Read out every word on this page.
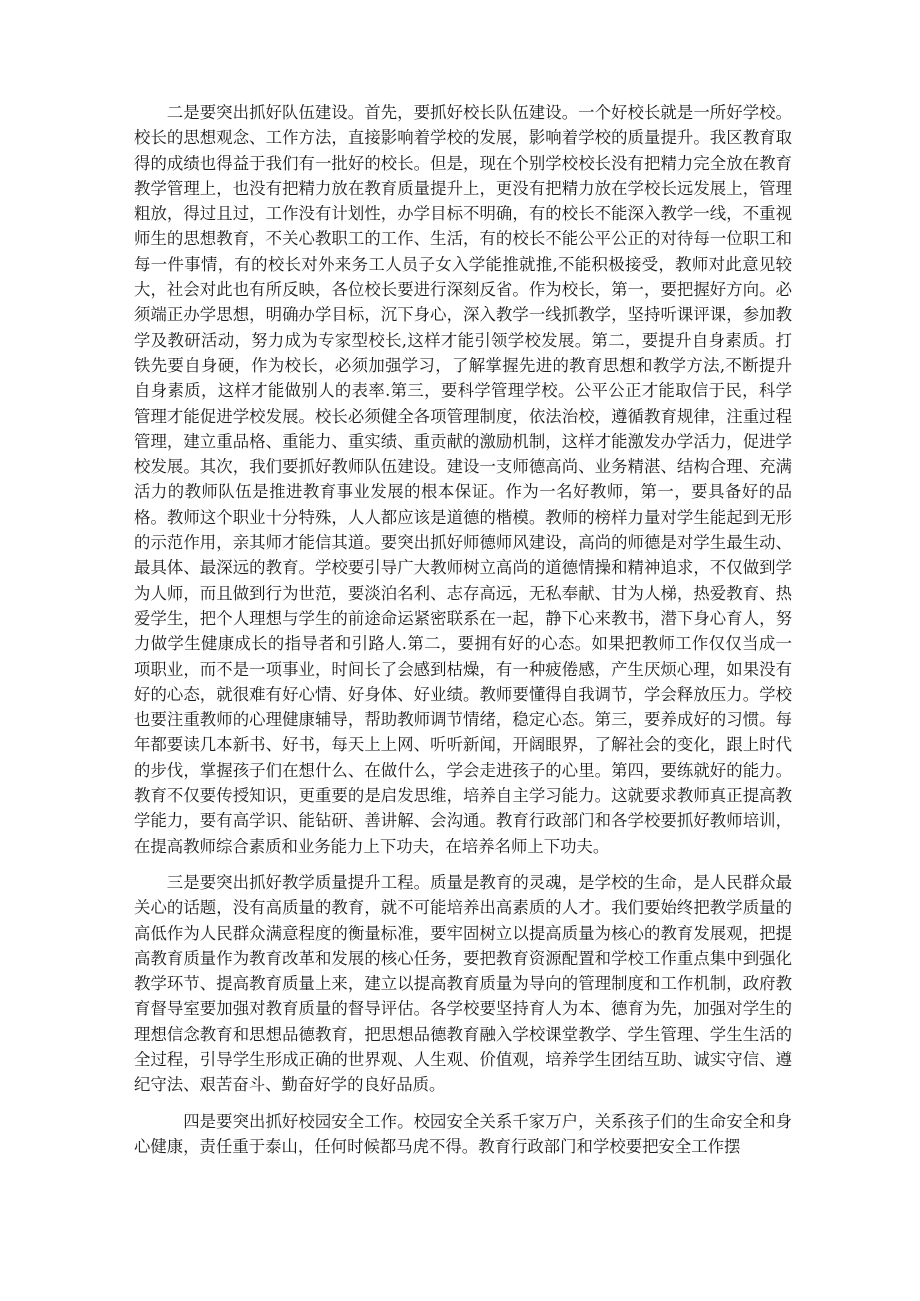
二是要突出抓好队伍建设。首先，要抓好校长队伍建设。一个好校长就是一所好学校。校长的思想观念、工作方法，直接影响着学校的发展，影响着学校的质量提升。我区教育取得的成绩也得益于我们有一批好的校长。但是，现在个别学校校长没有把精力完全放在教育教学管理上，也没有把精力放在教育质量提升上，更没有把精力放在学校长远发展上，管理粗放，得过且过，工作没有计划性，办学目标不明确，有的校长不能深入教学一线，不重视师生的思想教育，不关心教职工的工作、生活，有的校长不能公平公正的对待每一位职工和每一件事情，有的校长对外来务工人员子女入学能推就推,不能积极接受，教师对此意见较大，社会对此也有所反映，各位校长要进行深刻反省。作为校长，第一，要把握好方向。必须端正办学思想，明确办学目标，沉下身心，深入教学一线抓教学，坚持听课评课，参加教学及教研活动，努力成为专家型校长,这样才能引领学校发展。第二，要提升自身素质。打铁先要自身硬，作为校长，必须加强学习，了解掌握先进的教育思想和教学方法,不断提升自身素质，这样才能做别人的表率.第三，要科学管理学校。公平公正才能取信于民，科学管理才能促进学校发展。校长必须健全各项管理制度，依法治校，遵循教育规律，注重过程管理，建立重品格、重能力、重实绩、重贡献的激励机制，这样才能激发办学活力，促进学校发展。其次，我们要抓好教师队伍建设。建设一支师德高尚、业务精湛、结构合理、充满活力的教师队伍是推进教育事业发展的根本保证。作为一名好教师，第一，要具备好的品格。教师这个职业十分特殊，人人都应该是道德的楷模。教师的榜样力量对学生能起到无形的示范作用，亲其师才能信其道。要突出抓好师德师风建设，高尚的师德是对学生最生动、最具体、最深远的教育。学校要引导广大教师树立高尚的道德情操和精神追求，不仅做到学为人师，而且做到行为世范，要淡泊名利、志存高远，无私奉献、甘为人梯，热爱教育、热爱学生，把个人理想与学生的前途命运紧密联系在一起，静下心来教书，潜下身心育人，努力做学生健康成长的指导者和引路人.第二，要拥有好的心态。如果把教师工作仅仅当成一项职业，而不是一项事业，时间长了会感到枯燥，有一种疲倦感，产生厌烦心理，如果没有好的心态，就很难有好心情、好身体、好业绩。教师要懂得自我调节，学会释放压力。学校也要注重教师的心理健康辅导，帮助教师调节情绪，稳定心态。第三，要养成好的习惯。每年都要读几本新书、好书，每天上上网、听听新闻，开阔眼界，了解社会的变化，跟上时代的步伐，掌握孩子们在想什么、在做什么，学会走进孩子的心里。第四，要练就好的能力。教育不仅要传授知识，更重要的是启发思维，培养自主学习能力。这就要求教师真正提高教学能力，要有高学识、能钻研、善讲解、会沟通。教育行政部门和各学校要抓好教师培训，在提高教师综合素质和业务能力上下功夫，在培养名师上下功夫。

三是要突出抓好教学质量提升工程。质量是教育的灵魂，是学校的生命，是人民群众最关心的话题，没有高质量的教育，就不可能培养出高素质的人才。我们要始终把教学质量的高低作为人民群众满意程度的衡量标准，要牢固树立以提高质量为核心的教育发展观，把提高教育质量作为教育改革和发展的核心任务，要把教育资源配置和学校工作重点集中到强化教学环节、提高教育质量上来，建立以提高教育质量为导向的管理制度和工作机制，政府教育督导室要加强对教育质量的督导评估。各学校要坚持育人为本、德育为先，加强对学生的理想信念教育和思想品德教育，把思想品德教育融入学校课堂教学、学生管理、学生生活的全过程，引导学生形成正确的世界观、人生观、价值观，培养学生团结互助、诚实守信、遵纪守法、艰苦奋斗、勤奋好学的良好品质。

四是要突出抓好校园安全工作。校园安全关系千家万户，关系孩子们的生命安全和身心健康，责任重于泰山，任何时候都马虎不得。教育行政部门和学校要把安全工作摆
